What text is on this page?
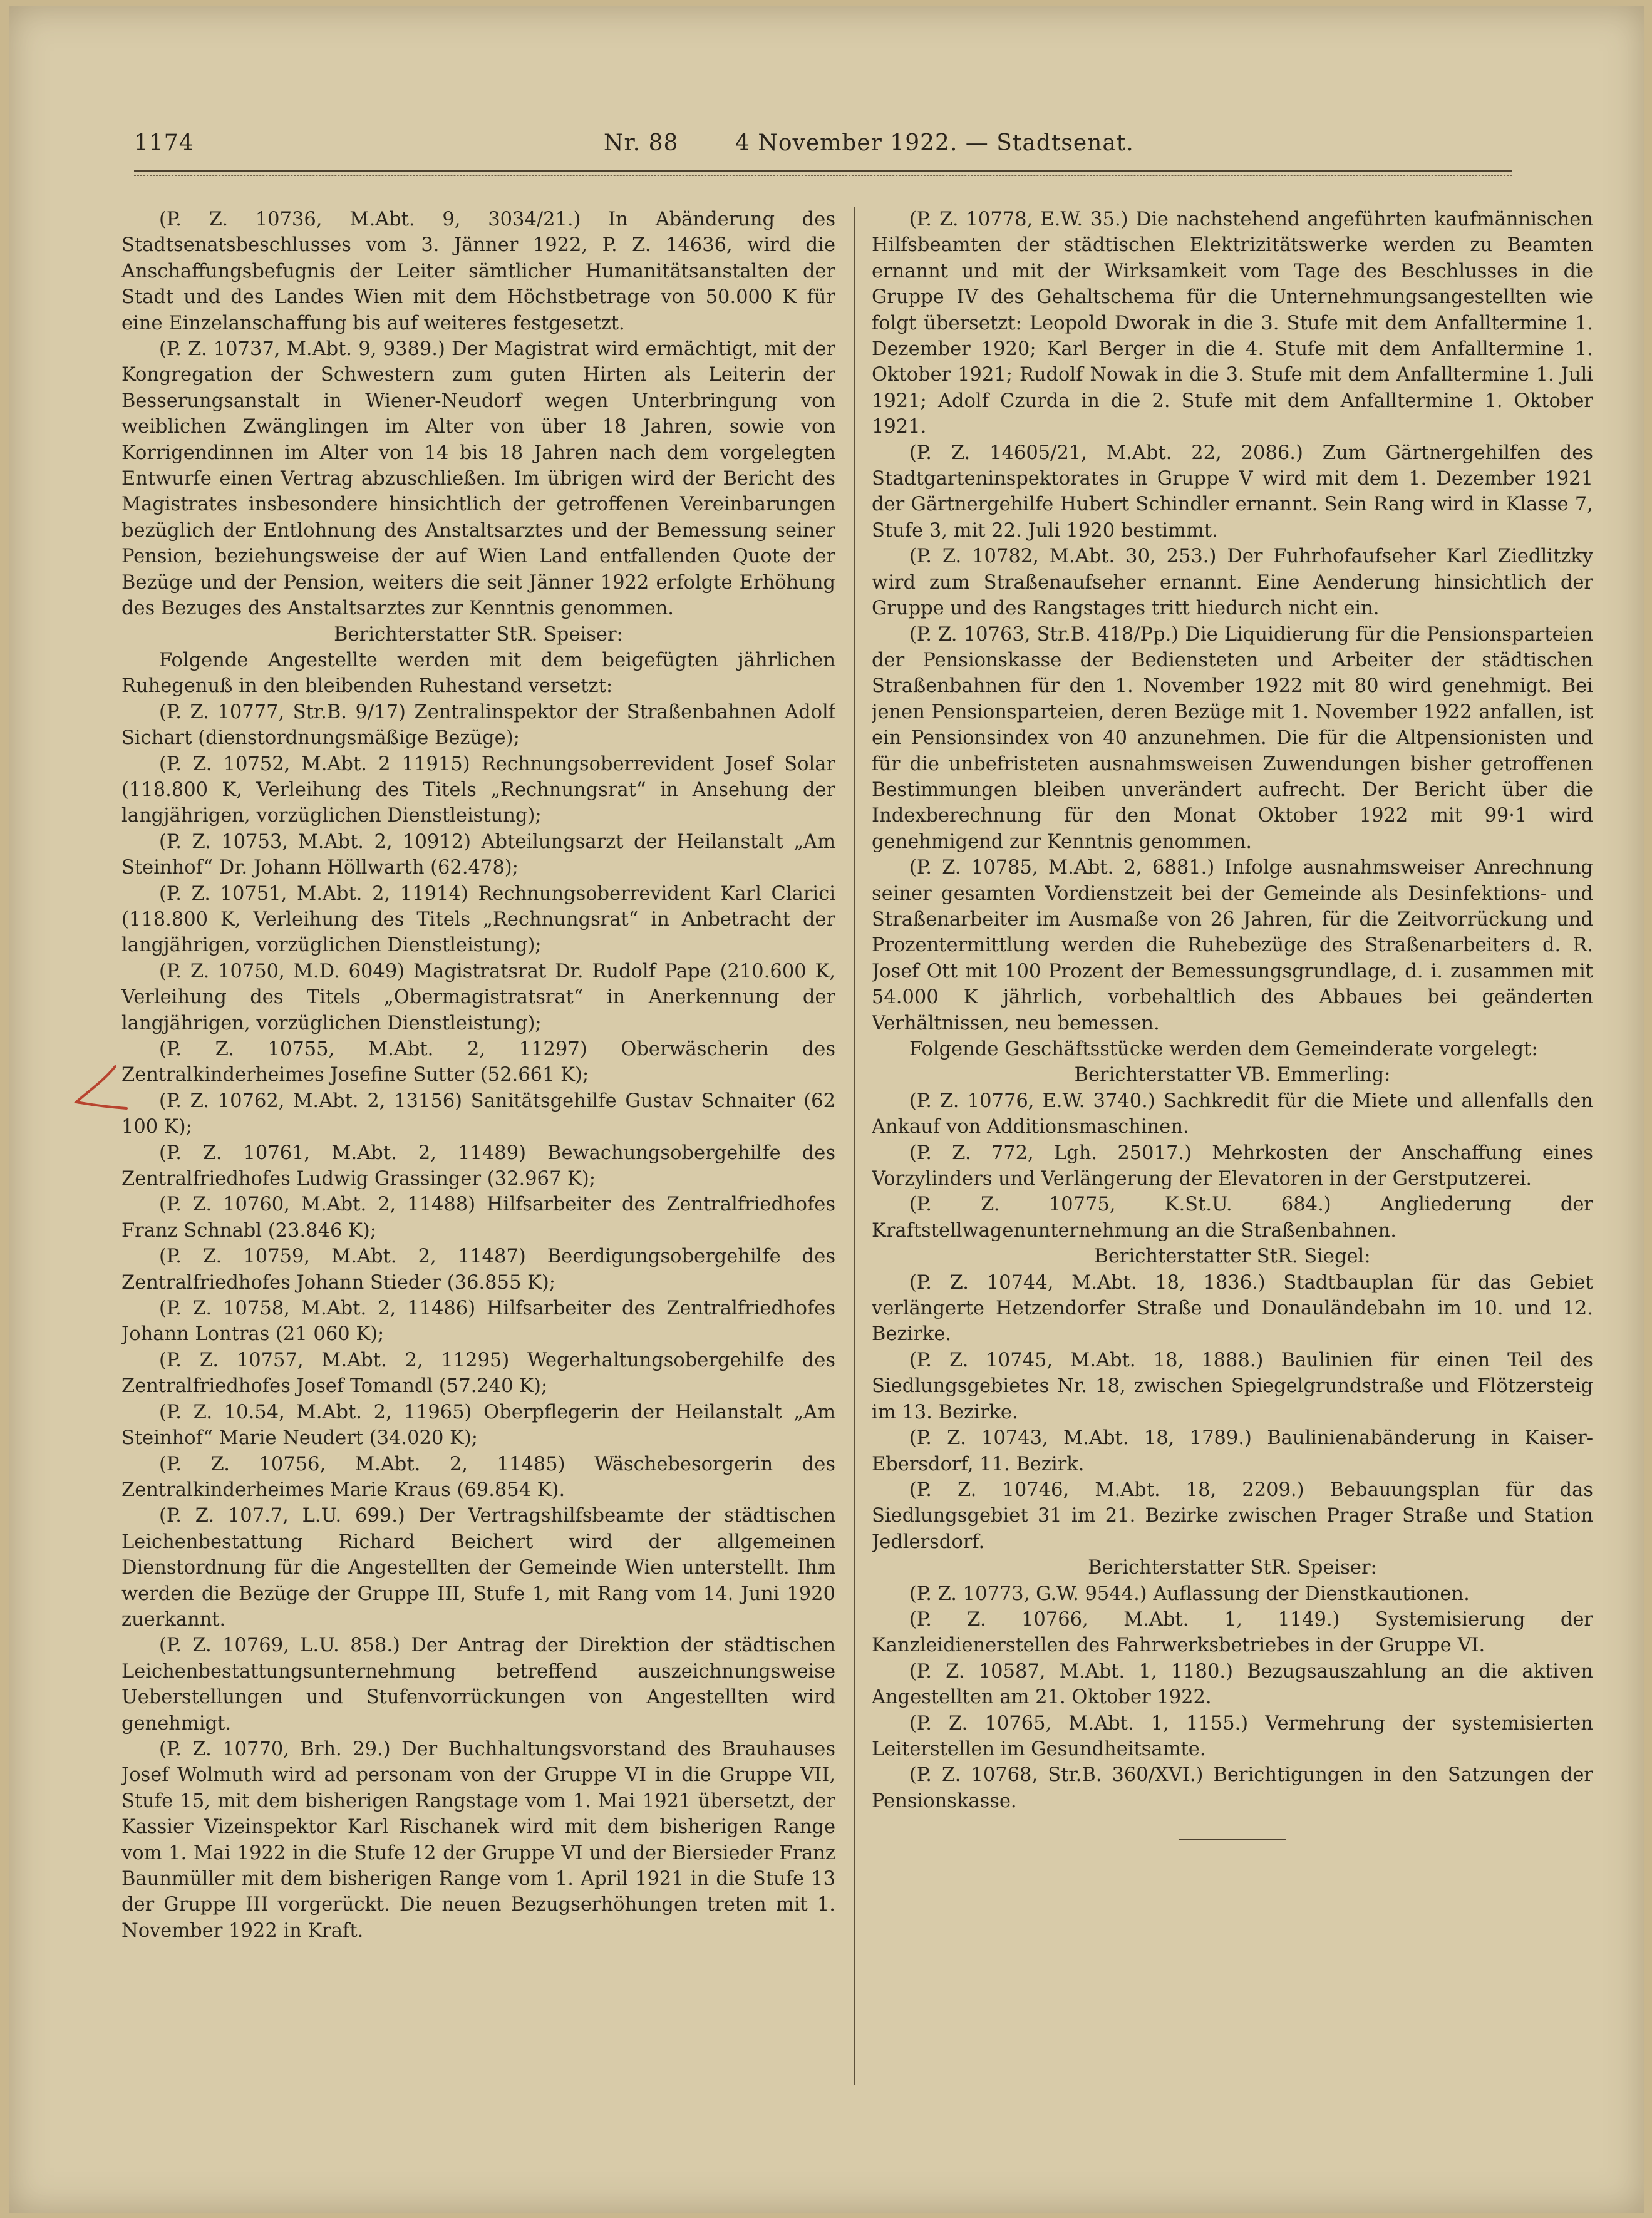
1174	Nr. 88	4 November 1922. — Stadtsenat.

(P. Z. 10736, M.Abt. 9, 3034/21.) In Abänderung des Stadtsenatsbeschlusses vom 3. Jänner 1922, P. Z. 14636, wird die Anschaffungsbefugnis der Leiter sämtlicher Humanitätsanstalten der Stadt und des Landes Wien mit dem Höchstbetrage von 50.000 K für eine Einzelanschaffung bis auf weiteres festgesetzt.

(P. Z. 10737, M.Abt. 9, 9389.) Der Magistrat wird ermächtigt, mit der Kongregation der Schwestern zum guten Hirten als Leiterin der Besserungsanstalt in Wiener-Neudorf wegen Unterbringung von weiblichen Zwänglingen im Alter von über 18 Jahren, sowie von Korrigendinnen im Alter von 14 bis 18 Jahren nach dem vorgelegten Entwurfe einen Vertrag abzuschließen. Im übrigen wird der Bericht des Magistrates insbesondere hinsichtlich der getroffenen Vereinbarungen bezüglich der Entlohnung des Anstaltsarztes und der Bemessung seiner Pension, beziehungsweise der auf Wien Land entfallenden Quote der Bezüge und der Pension, weiters die seit Jänner 1922 erfolgte Erhöhung des Bezuges des Anstaltsarztes zur Kenntnis genommen.

Berichterstatter StR. Speiser:

Folgende Angestellte werden mit dem beigefügten jährlichen Ruhegenuß in den bleibenden Ruhestand versetzt:

(P. Z. 10777, Str.B. 9/17) Zentralinspektor der Straßenbahnen Adolf Sichart (dienstordnungsmäßige Bezüge);

(P. Z. 10752, M.Abt. 2 11915) Rechnungsoberrevident Josef Solar (118.800 K, Verleihung des Titels „Rechnungsrat“ in Ansehung der langjährigen, vorzüglichen Dienstleistung);

(P. Z. 10753, M.Abt. 2, 10912) Abteilungsarzt der Heilanstalt „Am Steinhof“ Dr. Johann Höllwarth (62.478);

(P. Z. 10751, M.Abt. 2, 11914) Rechnungsoberrevident Karl Clarici (118.800 K, Verleihung des Titels „Rechnungsrat“ in Anbetracht der langjährigen, vorzüglichen Dienstleistung);

(P. Z. 10750, M.D. 6049) Magistratsrat Dr. Rudolf Pape (210.600 K, Verleihung des Titels „Obermagistratsrat“ in Anerkennung der langjährigen, vorzüglichen Dienstleistung);

(P. Z. 10755, M.Abt. 2, 11297) Oberwäscherin des Zentralkinderheimes Josefine Sutter (52.661 K);

(P. Z. 10762, M.Abt. 2, 13156) Sanitätsgehilfe Gustav Schnaiter (62 100 K);

(P. Z. 10761, M.Abt. 2, 11489) Bewachungsobergehilfe des Zentralfriedhofes Ludwig Grassinger (32.967 K);

(P. Z. 10760, M.Abt. 2, 11488) Hilfsarbeiter des Zentralfriedhofes Franz Schnabl (23.846 K);

(P. Z. 10759, M.Abt. 2, 11487) Beerdigungsobergehilfe des Zentralfriedhofes Johann Stieder (36.855 K);

(P. Z. 10758, M.Abt. 2, 11486) Hilfsarbeiter des Zentralfriedhofes Johann Lontras (21 060 K);

(P. Z. 10757, M.Abt. 2, 11295) Wegerhaltungsobergehilfe des Zentralfriedhofes Josef Tomandl (57.240 K);

(P. Z. 10.54, M.Abt. 2, 11965) Oberpflegerin der Heilanstalt „Am Steinhof“ Marie Neudert (34.020 K);

(P. Z. 10756, M.Abt. 2, 11485) Wäschebesorgerin des Zentralkinderheimes Marie Kraus (69.854 K).

(P. Z. 107.7, L.U. 699.) Der Vertragshilfsbeamte der städtischen Leichenbestattung Richard Beichert wird der allgemeinen Dienstordnung für die Angestellten der Gemeinde Wien unterstellt. Ihm werden die Bezüge der Gruppe III, Stufe 1, mit Rang vom 14. Juni 1920 zuerkannt.

(P. Z. 10769, L.U. 858.) Der Antrag der Direktion der städtischen Leichenbestattungsunternehmung betreffend auszeichnungsweise Ueberstellungen und Stufenvorrückungen von Angestellten wird genehmigt.

(P. Z. 10770, Brh. 29.) Der Buchhaltungsvorstand des Brauhauses Josef Wolmuth wird ad personam von der Gruppe VI in die Gruppe VII, Stufe 15, mit dem bisherigen Rangstage vom 1. Mai 1921 übersetzt, der Kassier Vizeinspektor Karl Rischanek wird mit dem bisherigen Range vom 1. Mai 1922 in die Stufe 12 der Gruppe VI und der Biersieder Franz Baunmüller mit dem bisherigen Range vom 1. April 1921 in die Stufe 13 der Gruppe III vorgerückt. Die neuen Bezugserhöhungen treten mit 1. November 1922 in Kraft.

(P. Z. 10778, E.W. 35.) Die nachstehend angeführten kaufmännischen Hilfsbeamten der städtischen Elektrizitätswerke werden zu Beamten ernannt und mit der Wirksamkeit vom Tage des Beschlusses in die Gruppe IV des Gehaltschema für die Unternehmungsangestellten wie folgt übersetzt: Leopold Dworak in die 3. Stufe mit dem Anfalltermine 1. Dezember 1920; Karl Berger in die 4. Stufe mit dem Anfalltermine 1. Oktober 1921; Rudolf Nowak in die 3. Stufe mit dem Anfalltermine 1. Juli 1921; Adolf Czurda in die 2. Stufe mit dem Anfalltermine 1. Oktober 1921.

(P. Z. 14605/21, M.Abt. 22, 2086.) Zum Gärtnergehilfen des Stadtgarteninspektorates in Gruppe V wird mit dem 1. Dezember 1921 der Gärtnergehilfe Hubert Schindler ernannt. Sein Rang wird in Klasse 7, Stufe 3, mit 22. Juli 1920 bestimmt.

(P. Z. 10782, M.Abt. 30, 253.) Der Fuhrhofaufseher Karl Ziedlitzky wird zum Straßenaufseher ernannt. Eine Aenderung hinsichtlich der Gruppe und des Rangstages tritt hiedurch nicht ein.

(P. Z. 10763, Str.B. 418/Pp.) Die Liquidierung für die Pensionsparteien der Pensionskasse der Bediensteten und Arbeiter der städtischen Straßenbahnen für den 1. November 1922 mit 80 wird genehmigt. Bei jenen Pensionsparteien, deren Bezüge mit 1. November 1922 anfallen, ist ein Pensionsindex von 40 anzunehmen. Die für die Altpensionisten und für die unbefristeten ausnahmsweisen Zuwendungen bisher getroffenen Bestimmungen bleiben unverändert aufrecht. Der Bericht über die Indexberechnung für den Monat Oktober 1922 mit 99·1 wird genehmigend zur Kenntnis genommen.

(P. Z. 10785, M.Abt. 2, 6881.) Infolge ausnahmsweiser Anrechnung seiner gesamten Vordienstzeit bei der Gemeinde als Desinfektions- und Straßenarbeiter im Ausmaße von 26 Jahren, für die Zeitvorrückung und Prozentermittlung werden die Ruhebezüge des Straßenarbeiters d. R. Josef Ott mit 100 Prozent der Bemessungsgrundlage, d. i. zusammen mit 54.000 K jährlich, vorbehaltlich des Abbaues bei geänderten Verhältnissen, neu bemessen.

Folgende Geschäftsstücke werden dem Gemeinderate vorgelegt:

Berichterstatter VB. Emmerling:

(P. Z. 10776, E.W. 3740.) Sachkredit für die Miete und allenfalls den Ankauf von Additionsmaschinen.

(P. Z. 772, Lgh. 25017.) Mehrkosten der Anschaffung eines Vorzylinders und Verlängerung der Elevatoren in der Gerstputzerei.

(P. Z. 10775, K.St.U. 684.) Angliederung der Kraftstellwagenunternehmung an die Straßenbahnen.

Berichterstatter StR. Siegel:

(P. Z. 10744, M.Abt. 18, 1836.) Stadtbauplan für das Gebiet verlängerte Hetzendorfer Straße und Donauländebahn im 10. und 12. Bezirke.

(P. Z. 10745, M.Abt. 18, 1888.) Baulinien für einen Teil des Siedlungsgebietes Nr. 18, zwischen Spiegelgrundstraße und Flötzersteig im 13. Bezirke.

(P. Z. 10743, M.Abt. 18, 1789.) Baulinienabänderung in Kaiser-Ebersdorf, 11. Bezirk.

(P. Z. 10746, M.Abt. 18, 2209.) Bebauungsplan für das Siedlungsgebiet 31 im 21. Bezirke zwischen Prager Straße und Station Jedlersdorf.

Berichterstatter StR. Speiser:

(P. Z. 10773, G.W. 9544.) Auflassung der Dienstkautionen.

(P. Z. 10766, M.Abt. 1, 1149.) Systemisierung der Kanzleidienerstellen des Fahrwerksbetriebes in der Gruppe VI.

(P. Z. 10587, M.Abt. 1, 1180.) Bezugsauszahlung an die aktiven Angestellten am 21. Oktober 1922.

(P. Z. 10765, M.Abt. 1, 1155.) Vermehrung der systemisierten Leiterstellen im Gesundheitsamte.

(P. Z. 10768, Str.B. 360/XVI.) Berichtigungen in den Satzungen der Pensionskasse.
